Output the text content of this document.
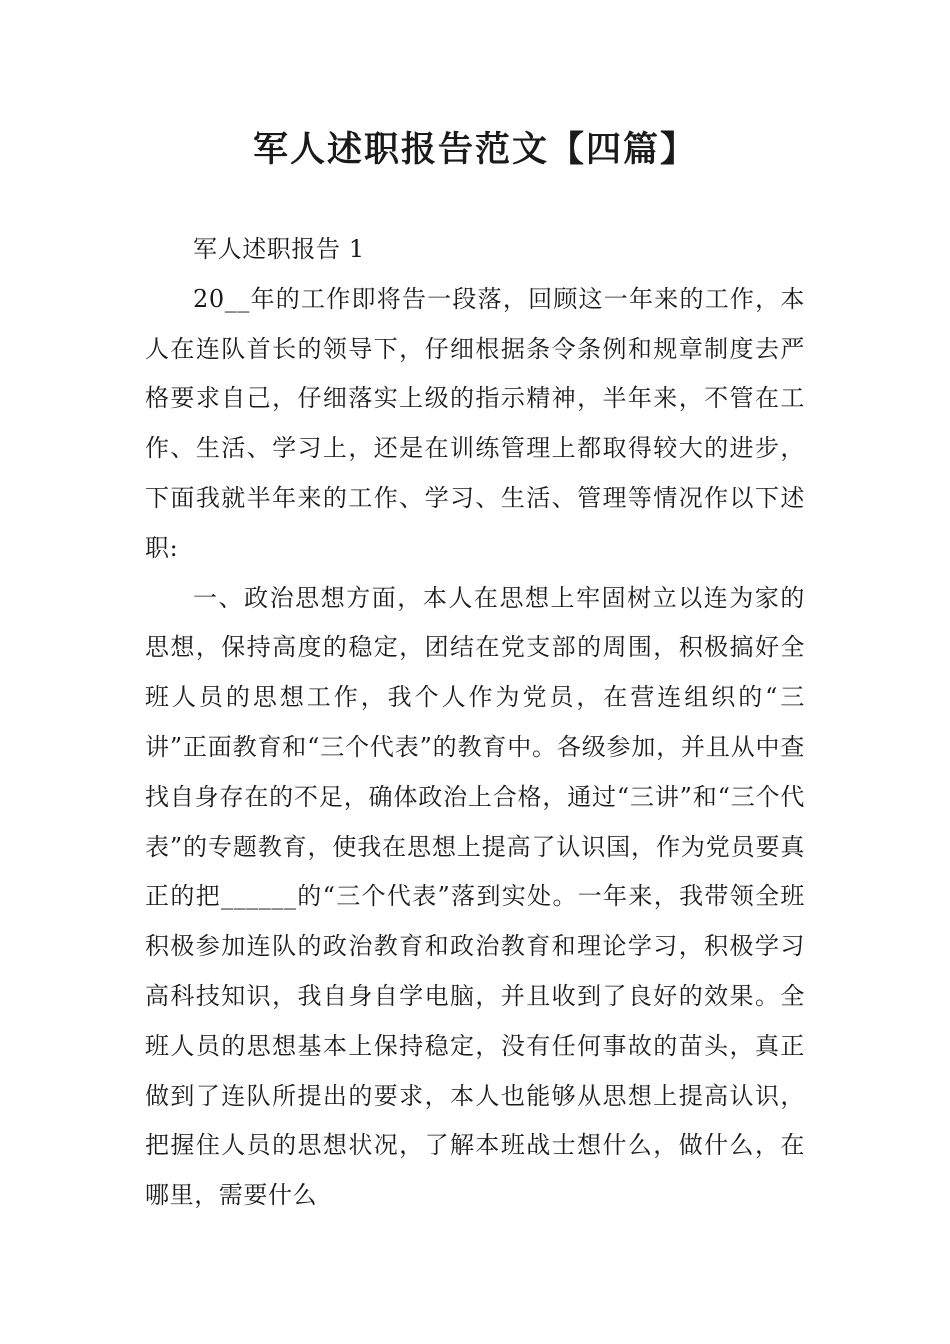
军人述职报告范文【四篇】

军人述职报告 1

20__年的工作即将告一段落，回顾这一年来的工作，本人在连队首长的领导下，仔细根据条令条例和规章制度去严格要求自己，仔细落实上级的指示精神，半年来，不管在工作、生活、学习上，还是在训练管理上都取得较大的进步，下面我就半年来的工作、学习、生活、管理等情况作以下述职:

一、政治思想方面，本人在思想上牢固树立以连为家的思想，保持高度的稳定，团结在党支部的周围，积极搞好全班人员的思想工作，我个人作为党员，在营连组织的“三讲”正面教育和“三个代表”的教育中。各级参加，并且从中查找自身存在的不足，确体政治上合格，通过“三讲”和“三个代表”的专题教育，使我在思想上提高了认识国，作为党员要真正的把______的“三个代表”落到实处。一年来，我带领全班积极参加连队的政治教育和政治教育和理论学习，积极学习高科技知识，我自身自学电脑，并且收到了良好的效果。全班人员的思想基本上保持稳定，没有任何事故的苗头，真正做到了连队所提出的要求，本人也能够从思想上提高认识，把握住人员的思想状况，了解本班战士想什么，做什么，在哪里，需要什么
